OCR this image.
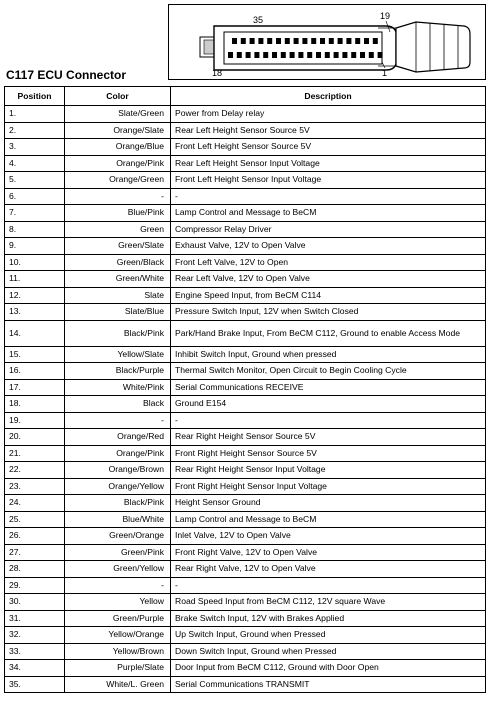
35	19
18	1
C117 ECU Connector
Position	Color	Description
1.	Slate/Green	Power from Delay relay
2.	Orange/Slate	Rear Left Height Sensor Source 5V
3.	Orange/Blue	Front Left Height Sensor Source 5V
4.	Orange/Pink	Rear Left Height Sensor Input Voltage
5.	Orange/Green	Front Left Height Sensor Input Voltage
6.	-	-
7.	Blue/Pink	Lamp Control and Message to BeCM
8.	Green	Compressor Relay Driver
9.	Green/Slate	Exhaust Valve, 12V to Open Valve
10.	Green/Black	Front Left Valve, 12V to Open
11.	Green/White	Rear Left Valve, 12V to Open Valve
12.	Slate	Engine Speed Input, from BeCM C114
13.	Slate/Blue	Pressure Switch Input, 12V when Switch Closed
14.	Black/Pink	Park/Hand Brake Input, From BeCM C112, Ground to enable Access Mode
15.	Yellow/Slate	Inhibit Switch Input, Ground when pressed
16.	Black/Purple	Thermal Switch Monitor, Open Circuit to Begin Cooling Cycle
17.	White/Pink	Serial Communications RECEIVE
18.	Black	Ground E154
19.	-	-
20.	Orange/Red	Rear Right Height Sensor Source 5V
21.	Orange/Pink	Front Right Height Sensor Source 5V
22.	Orange/Brown	Rear Right Height Sensor Input Voltage
23.	Orange/Yellow	Front Right Height Sensor Input Voltage
24.	Black/Pink	Height Sensor Ground
25.	Blue/White	Lamp Control and Message to BeCM
26.	Green/Orange	Inlet Valve, 12V to Open Valve
27.	Green/Pink	Front Right Valve, 12V to Open Valve
28.	Green/Yellow	Rear Right Valve, 12V to Open Valve
29.	-	-
30.	Yellow	Road Speed Input from BeCM C112, 12V square Wave
31.	Green/Purple	Brake Switch Input, 12V with Brakes Applied
32.	Yellow/Orange	Up Switch Input, Ground when Pressed
33.	Yellow/Brown	Down Switch Input, Ground when Pressed
34.	Purple/Slate	Door Input from BeCM C112, Ground with Door Open
35.	White/L. Green	Serial Communications TRANSMIT
